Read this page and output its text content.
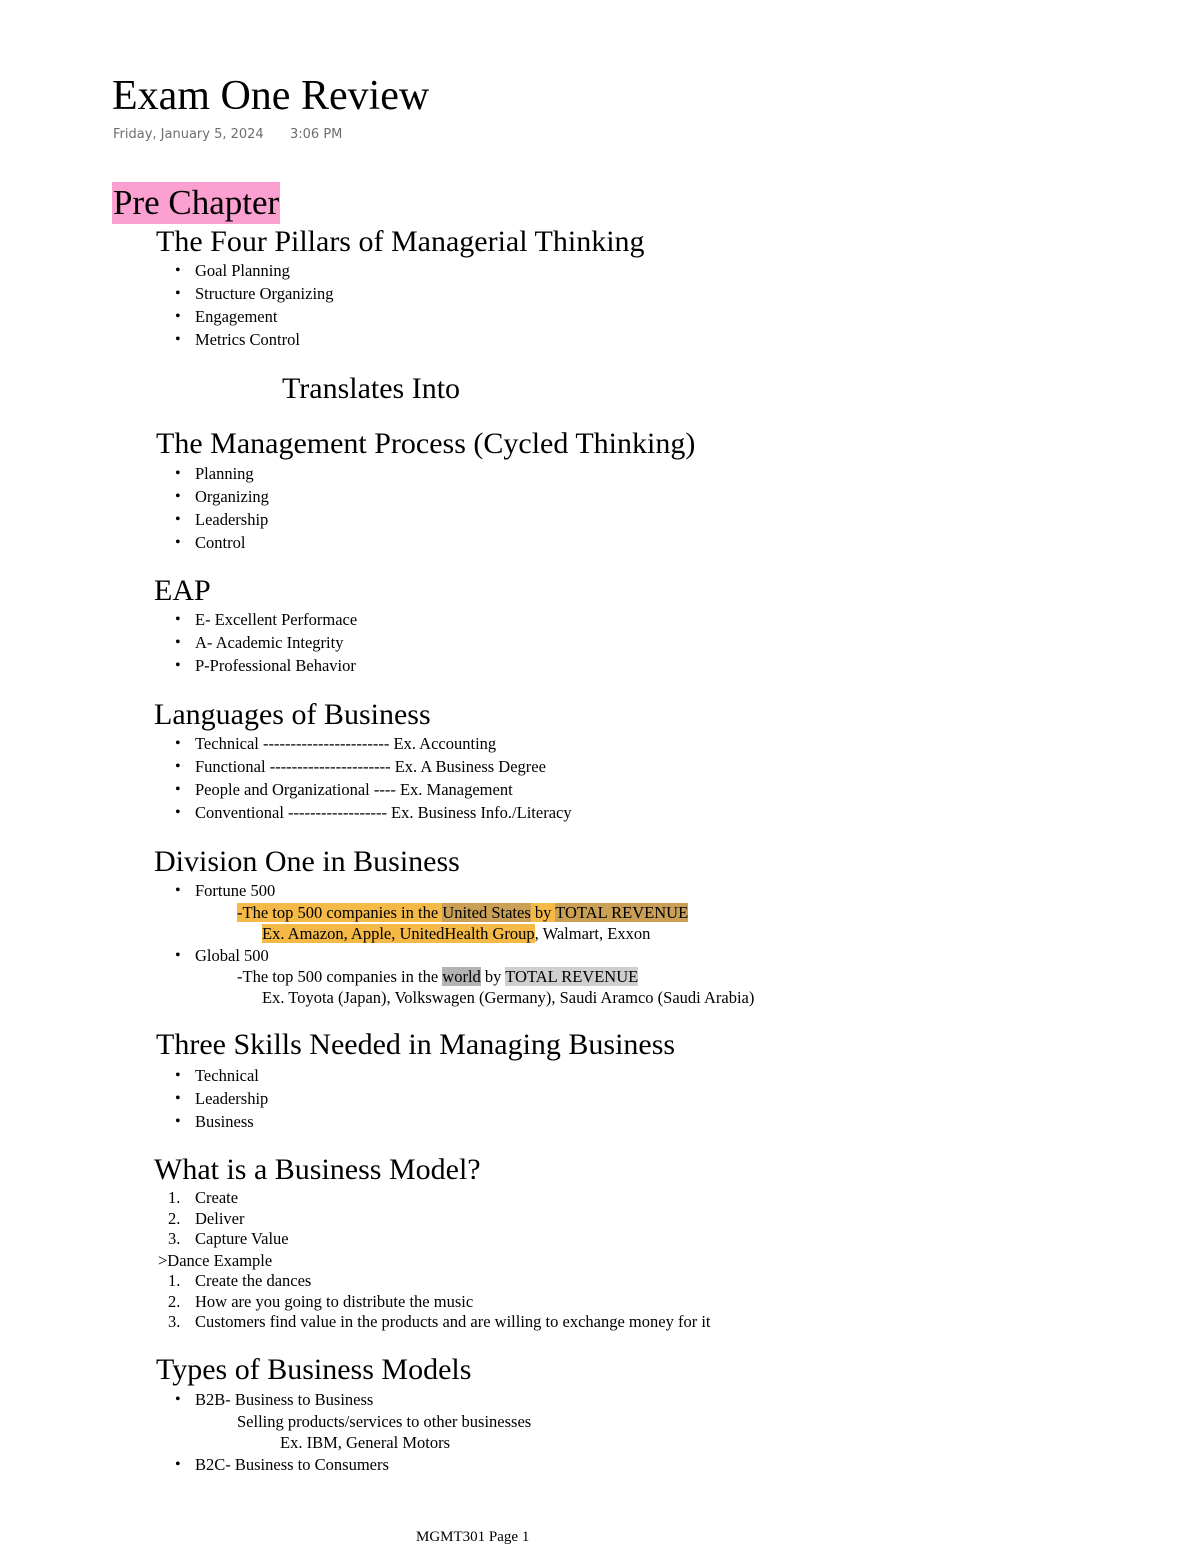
Exam One Review
Friday, January 5, 2024 3:06 PM
Pre Chapter
The Four Pillars of Managerial Thinking
• Goal Planning
• Structure Organizing
• Engagement
• Metrics Control
Translates Into
The Management Process (Cycled Thinking)
• Planning
• Organizing
• Leadership
• Control
EAP
• E- Excellent Performace
• A- Academic Integrity
• P-Professional Behavior
Languages of Business
• Technical ----------------------- Ex. Accounting
• Functional ---------------------- Ex. A Business Degree
• People and Organizational ---- Ex. Management
• Conventional ------------------ Ex. Business Info./Literacy
Division One in Business
• Fortune 500
-The top 500 companies in the United States by TOTAL REVENUE
Ex. Amazon, Apple, UnitedHealth Group, Walmart, Exxon
• Global 500
-The top 500 companies in the world by TOTAL REVENUE
Ex. Toyota (Japan), Volkswagen (Germany), Saudi Aramco (Saudi Arabia)
Three Skills Needed in Managing Business
• Technical
• Leadership
• Business
What is a Business Model?
1. Create
2. Deliver
3. Capture Value
>Dance Example
1. Create the dances
2. How are you going to distribute the music
3. Customers find value in the products and are willing to exchange money for it
Types of Business Models
• B2B- Business to Business
Selling products/services to other businesses
Ex. IBM, General Motors
• B2C- Business to Consumers
MGMT301 Page 1
